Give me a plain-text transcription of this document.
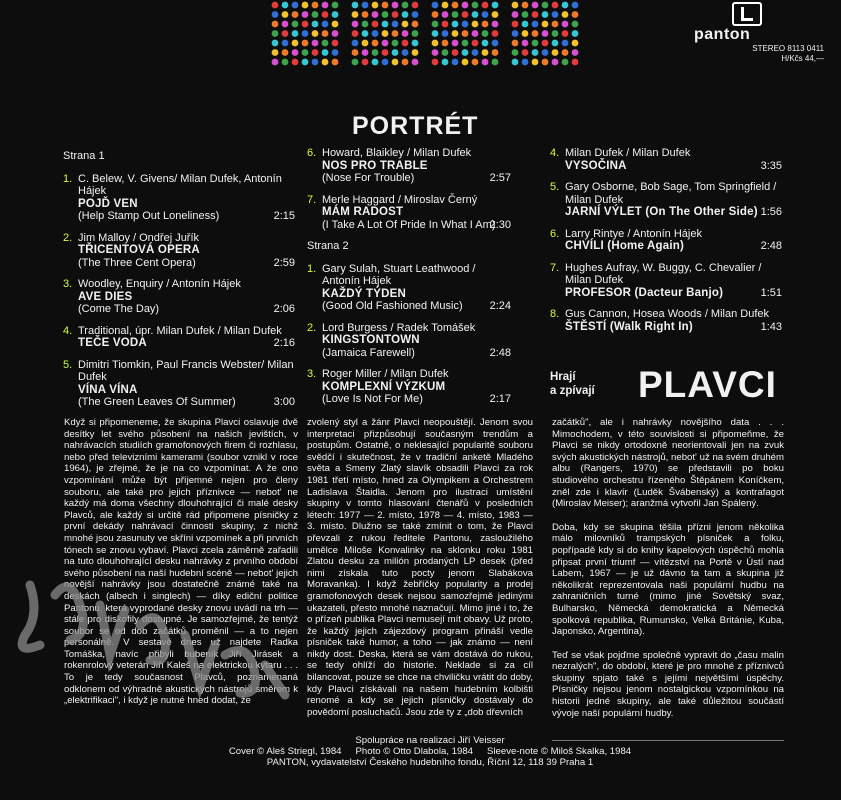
panton
STEREO 8113 0411
H/Kčs 44,—
PORTRÉT
Strana 1
1. C. Belew, V. Givens/ Milan Dufek, Antonín Hájek
POJĎ VEN
(Help Stamp Out Loneliness)	2:15
2. Jim Malloy / Ondřej Juřík
TŘICENTOVÁ OPERA
(The Three Cent Opera)	2:59
3. Woodley, Enquiry / Antonín Hájek
AVE DIES
(Come The Day)	2:06
4. Traditional, úpr. Milan Dufek / Milan Dufek
TEČE VODA	2:16
5. Dimitri Tiomkin, Paul Francis Webster/ Milan Dufek
VÍNA VÍNA
(The Green Leaves Of Summer)	3:00
6. Howard, Blaikley / Milan Dufek
NOS PRO TRABLE
(Nose For Trouble)	2:57
7. Merle Haggard / Miroslav Černý
MÁM RADOST
(I Take A Lot Of Pride In What I Am)
2:30
Strana 2
1. Gary Sulah, Stuart Leathwood / Antonín Hájek
KAŽDÝ TÝDEN
(Good Old Fashioned Music)	2:24
2. Lord Burgess / Radek Tomášek
KINGSTONTOWN
(Jamaica Farewell)	2:48
3. Roger Miller / Milan Dufek
KOMPLEXNÍ VÝZKUM
(Love Is Not For Me)	2:17
4. Milan Dufek / Milan Dufek
VYSOČINA	3:35
5. Gary Osborne, Bob Sage, Tom Springfield / Milan Dufek
JARNÍ VÝLET (On The Other Side) 1:56
6. Larry Rintye / Antonín Hájek
CHVÍLI (Home Again)	2:48
7. Hughes Aufray, W. Buggy, C. Chevalier / Milan Dufek
PROFESOR (Dacteur Banjo)	1:51
8. Gus Cannon, Hosea Woods / Milan Dufek
ŠTĚSTÍ (Walk Right In)	1:43
Hrají
a zpívají PLAVCI
Když si připomeneme, že skupina Plavci oslavuje dvě desítky let svého působení na našich jevištích, v nahrávacích studiích gramofonových firem či rozhlasu, nebo před televizními kamerami (soubor vznikl v roce 1964), je zřejmé, že je na co vzpomínat. A že ono vzpomínání může být příjemné nejen pro členy souboru, ale také pro jejich příznivce — nebot' ne každý má doma všechny dlouhohrající či malé desky Plavců, ale každý si určitě rád připomene písničky z první dekády nahrávací činnosti skupiny, z nichž mnohé jsou zasunuty ve skříni vzpomínek a při prvních tónech se znovu vybaví. Plavci zcela záměrně zařadili na tuto dlouhohrající desku nahrávky z prvního období svého působení na naší hudební scéně — nebot' jejich novější nahrávky jsou dostatečně známé také na deskách (albech i singlech) — díky ediční politice Pantonu, která vyprodané desky znovu uvádí na trh — stále pro diskofily dostupné. Je samozřejmé, že tentýž soubor se od dob začátků proměnil — a to nejen personálně. V sestavě dnes už najdete Radka Tomáška, navíc přibyli bubeník Jiří Jirásek a rokenrolový veterán Jiří Kaleš na elektrickou kytaru . . . To je tedy současnost Plavců, poznamenaná odklonem od výhradně akustických nástrojů směrem k „elektrifikaci", i když je nutné hned dodat, že
zvolený styl a žánr Plavci neopouštějí. Jenom svou interpretaci přizpůsobují současným trendům a postupům. Ostatně, o neklesající popularitě souboru svědčí i skutečnost, že v tradiční anketě Mladého světa a Smeny Zlatý slavík obsadili Plavci za rok 1981 třetí místo, hned za Olympikem a Orchestrem Ladislava Štaidla. Jenom pro ilustraci umístění skupiny v tomto hlasování čtenářů v posledních létech: 1977 — 2. místo, 1978 — 4. místo, 1983 — 3. místo. Dlužno se také zmínit o tom, že Plavci převzali z rukou ředitele Pantonu, zasloužilého umělce Miloše Konvalinky na sklonku roku 1981 Zlatou desku za milión prodaných LP desek (před nimi získala tuto pocty jenom Slabákova Moravanka). I když žebříčky popularity a prodej gramofonových desek nejsou samozřejmě jedinými ukazateli, přesto mnohé naznačují. Mimo jiné i to, že o přízeň publika Plavci nemusejí mít obavy. Už proto, že každý jejich zájezdový program přináší vedle písniček také humor, a toho — jak známo — není nikdy dost. Deska, která se vám dostává do rukou, se tedy ohlíží do historie. Neklade si za cíl bilancovat, pouze se chce na chviličku vrátit do doby, kdy Plavci získávali na našem hudebním kolbišti renomé a kdy se jejich písničky dostávaly do povědomí posluchačů. Jsou zde ty z „dob dřevních
začátků", ale i nahrávky novějšího data . . . Mimochodem, v této souvislosti si připomeňme, že Plavci se nikdy ortodoxně neorientovali jen na zvuk svých akustických nástrojů, nebot' už na svém druhém albu (Rangers, 1970) se představili po boku studiového orchestru řízeného Štěpánem Koníčkem, zněl zde i klavír (Luděk Švábenský) a kontrafagot (Miroslav Meiser); aranžmá vytvořil Jan Spálený.
Doba, kdy se skupina těšila přízni jenom několika málo milovníků trampských písniček a folku, popřípadě kdy si do knihy kapelových úspěchů mohla připsat první triumf — vítězství na Portě v Ústí nad Labem, 1967 — je už dávno ta tam a skupina již několikrát reprezentovala naši populární hudbu na zahraničních turné (mimo jiné Sovětský svaz, Bulharsko, Německá demokratická a Německá spolková republika, Rumunsko, Velká Británie, Kuba, Japonsko, Argentina).
Teď se však pojďme společně vypravit do „času malin nezralých", do období, které je pro mnohé z příznivců skupiny spjato také s jejími největšími úspěchy. Písničky nejsou jenom nostalgickou vzpomínkou na historii jedné skupiny, ale také důležitou součástí vývoje naší populární hudby.
Spolupráce na realizaci Jiří Veisser
Cover © Aleš Striegl, 1984 Photo © Otto Dlabola, 1984 Sleeve-note © Miloš Skalka, 1984
PANTON, vydavatelství Českého hudebního fondu, Říční 12, 118 39 Praha 1
